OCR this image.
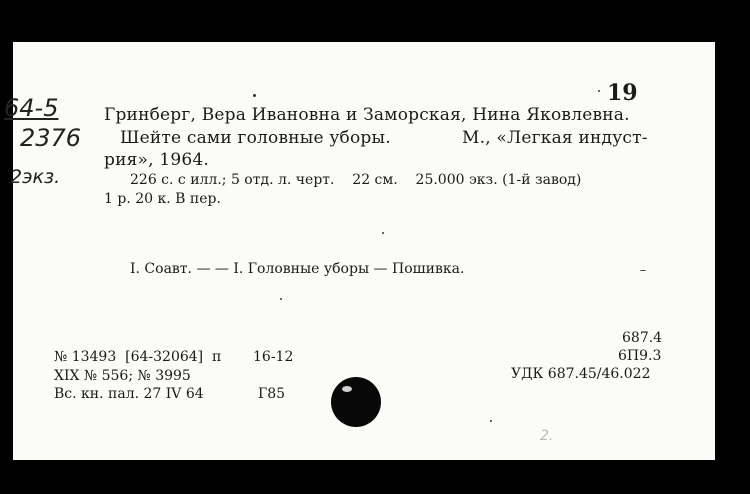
19
64-5
2376
2экз.
Гринберг, Вера Ивановна и Заморская, Нина Яковлевна.
Шейте сами головные уборы.	М., «Легкая индуст-
рия», 1964.
226 с. с илл.; 5 отд. л. черт.    22 см.    25.000 экз. (1-й завод)
1 р. 20 к. В пер.
I. Соавт. — — I. Головные уборы — Пошивка.
687.4
6П9.3
УДК 687.45/46.022
№ 13493  [64-32064]  п 16-12
XIX № 556; № 3995
Вс. кн. пал. 27 IV 64	Г85
2.
